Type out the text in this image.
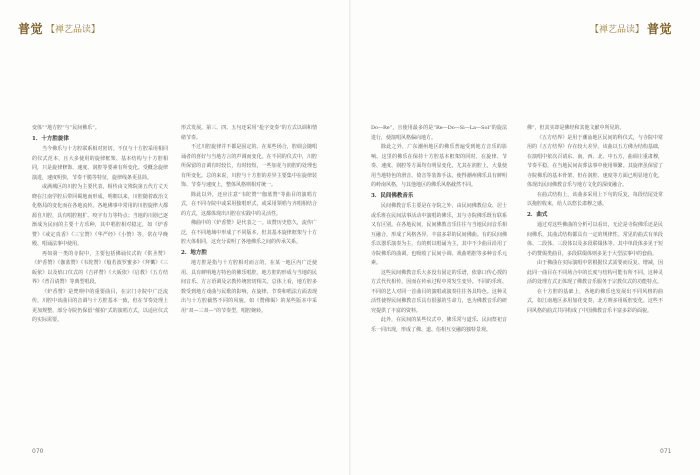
普觉 【禅艺品读】	【禅艺品读】 普觉

变体”“地方腔”与“民间佛乐”。

1．十方腔旋律

当今佛乐与十方腔联系相对密切。不仅与十方腔采用相同的仪式范本，且大多使用的旋律框架、基本结构与十方腔相同，只是旋律修饰、速度、润腔等要素有所变化。受概念旋律演进，速度明快，节奏干脆等特征，旋律线条更显简。

或满城区的川腔为主要代表，相传由文殊院第五代方丈天晓在江南学腔后带回蜀地而形成。明朝以来，川腔随着政治文化格局的变化而在各地流传。各地佛事中常用的川腔旋律大都源自川腔，具有唱腔粗犷、咬字有力等特点；当地的川剧已逐渐成为民间的主要十方乐种，其中唱腔相对稳定，如《炉香赞》《戒定真香》《三宝赞》《华严经》《小赞》等，常在早晚殿、唱诵法事中使用。

再如第一类的寺院中，主要包括佛诵仪式的《供圣赞》《炉香赞》《伽蓝赞》《韦陀赞》《般若波罗蜜多》《拜懴》《三皈依》以及焰口仪式的《吉祥赞》《大皈依》《启教》《五方结界》《普召请赞》等典型唱段。

《炉香赞》是梵呗中的重要曲目，在宗门寺院中广泛流传。川腔中该曲目的音调与十方腔基本一致，但在节奏处理上更加规整。部分寺院仍保留“催拍”式的演唱方式，以适应仪式的实际需要。

形式发展。第三、四、五句还采用“抢字变奏”的方式以调和情绪节奏。

不过川腔旋律并不都是固定的。在某些场合，腔调会随唱诵者的喜好与当地方言的声调而变化。在不同的仪式中，川腔所保留的音调有时较长，有时较短，一些加花与润腔的处理也有所变化。总的来说，川腔与十方腔的差异主要集中在旋律装饰、节奏与速度上，整体风格则相对统一。

除此以外，还应注意“韦陀赞”“伽蓝赞”等曲目的演唱方式，在不同寺院中或采用独唱形式，或采用领唱与齐唱相结合的方式，这都体现出川腔在实践中的灵活性。

佛曲中的《炉香赞》是代表之一。该赞历史悠久，流传广泛，在不同地域中形成了不同版本，但其基本旋律框架与十方腔大体相同，这充分说明了各地佛乐之间的传承关系。

2．地方腔

地方腔是指与十方腔相对而言的，在某一地区内广泛使用、具有鲜明地方特色的佛乐唱腔。地方腔的形成与当地的民间音乐、方言语调及宗教传统密切相关。总体上看，地方腔多数受到地方戏曲与民歌的影响，在旋律、节奏和唱法方面表现出与十方腔截然不同的风貌。如《赞佛偈》的某些版本中采用“双—三双—”的节奏型，唱腔婉转。

Do—Re”，且使用最多的是“Re—Do—Si—La—Sol”的旋法进行，使演唱风格偏向地方。

除此之外，广东潮州地区的佛乐普遍受到地方音乐的影响。这里的佛乐在保持十方腔基本框架的同时，在旋律、节奏、速度、润腔等方面均有明显变化，尤其在润腔上，大量使用当地特色的滑音、倚音等装饰手法，使得潮州佛乐具有鲜明的岭南风格，与其他地区的佛乐风格截然不同。

3．民间佛教音乐

民间佛教音乐主要是在寺院之外，由民间佛教信众、居士或乐班在民间法事活动中演唱的佛乐，其与寺院佛乐既有联系又有区别。在各地民间，民间佛教音乐往往与当地民间音乐相互融合，形成了风格各异、丰富多彩的民间佛曲。有的民间佛乐以器乐演奏为主，有的则以唱诵为主，其中不少曲目沿用了寺院佛乐的曲调，也吸收了民间小调、戏曲唱腔等多种音乐元素。

这些民间佛教音乐大多没有固定的乐谱，依靠口传心授的方式代代相传，因而在传承过程中常发生变异。不同的乐班、不同的艺人对同一首曲目的演唱或演奏往往各具特色。这种灵活性使得民间佛教音乐具有很强的生命力，也为佛教音乐的研究提供了丰富的资料。

此外，在民间的某些仪式中，佛乐常与道乐、民间祭祀音乐一同出现，形成了佛、道、俗相互交融的独特景观。

佛”，但其实却是佛经和其他文献中所见的。

《五方结界》是用于潮汕地区民间的科仪式，与寺院中常用的《五方结界》存在较大差异。该曲以五方佛为结构基础，在演唱中依次召请东、南、西、北、中五方，曲调庄重肃穆，节奏平稳，在当地民间丧葬法事中使用频繁。其旋律虽保留了寺院佛乐的基本骨架，但在润腔、速度等方面已明显地方化，体现出民间佛教音乐与地方文化的深度融合。

在曲式结构上，该曲多采用上下句的反复，每段结尾处常以拖腔收束，给人以悠长肃穆之感。

2．曲式

通过对这些佛曲的分析可以看出，无论是寺院佛乐还是民间佛乐，其曲式结构都具有一定的规律性。常见的曲式有单段体、二段体、三段体以及多段联缀体等。其中单段体多见于短小的赞偈类曲目，多段联缀体则多见于大型法事中的套曲。

由于佛曲在实际演唱中常根据仪式需要而反复、增减，因此同一曲目在不同场合中的长度与结构可能有所不同。这种灵活的处理方式正体现了佛教音乐服务于宗教仪式的功能特点。

在十方腔的基础上，各地的佛乐也发展出不同风格的曲式，如江南地区多用加花变奏，北方则多用板腔变化。这些不同风格的曲式共同构成了中国佛教音乐丰富多彩的面貌。

070	071
